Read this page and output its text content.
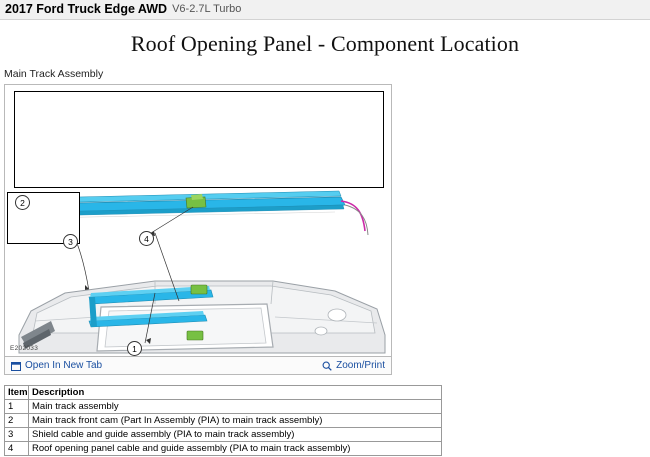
2017 Ford Truck Edge AWD V6-2.7L Turbo
Roof Opening Panel - Component Location
Main Track Assembly
3	4
2
1
E202033
Open In New Tab	Zoom/Print
Item	Description
1	Main track assembly
2	Main track front cam (Part In Assembly (PIA) to main track assembly)
3	Shield cable and guide assembly (PIA to main track assembly)
4	Roof opening panel cable and guide assembly (PIA to main track assembly)
